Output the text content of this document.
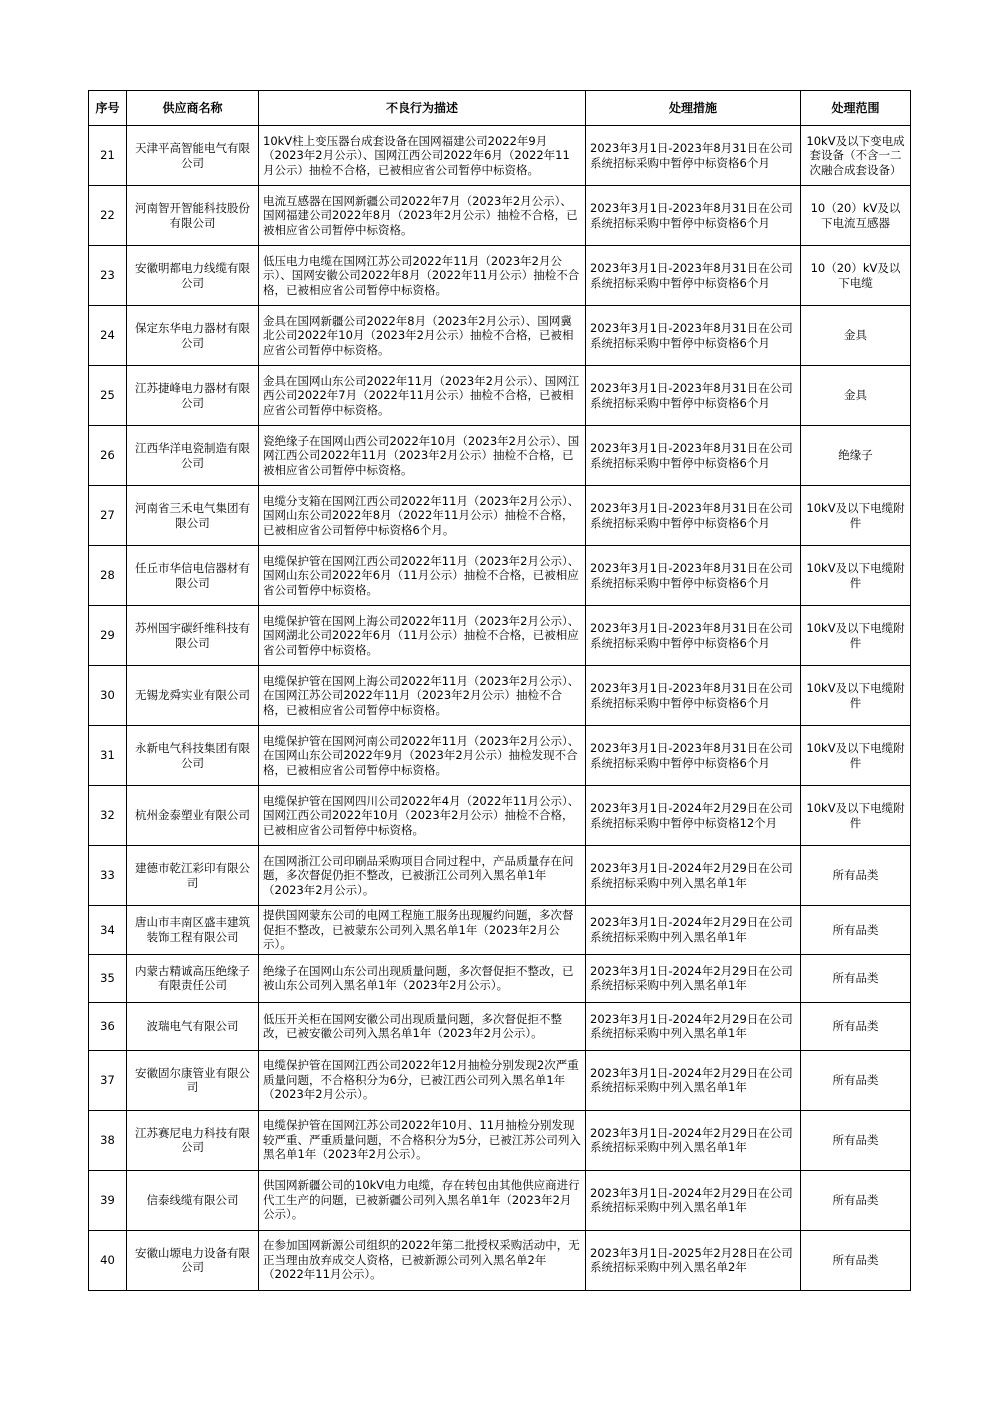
序号	供应商名称	不良行为描述	处理措施	处理范围
21	天津平高智能电气有限公司	10kV柱上变压器台成套设备在国网福建公司2022年9月（2023年2月公示）、国网江西公司2022年6月（2022年11月公示）抽检不合格，已被相应省公司暂停中标资格。	2023年3月1日-2023年8月31日在公司系统招标采购中暂停中标资格6个月	10kV及以下变电成套设备（不含一二次融合成套设备）
22	河南智开智能科技股份有限公司	电流互感器在国网新疆公司2022年7月（2023年2月公示）、国网福建公司2022年8月（2023年2月公示）抽检不合格，已被相应省公司暂停中标资格。	2023年3月1日-2023年8月31日在公司系统招标采购中暂停中标资格6个月	10（20）kV及以下电流互感器
23	安徽明都电力线缆有限公司	低压电力电缆在国网江苏公司2022年11月（2023年2月公示）、国网安徽公司2022年8月（2022年11月公示）抽检不合格，已被相应省公司暂停中标资格。	2023年3月1日-2023年8月31日在公司系统招标采购中暂停中标资格6个月	10（20）kV及以下电缆
24	保定东华电力器材有限公司	金具在国网新疆公司2022年8月（2023年2月公示）、国网冀北公司2022年10月（2023年2月公示）抽检不合格，已被相应省公司暂停中标资格。	2023年3月1日-2023年8月31日在公司系统招标采购中暂停中标资格6个月	金具
25	江苏捷峰电力器材有限公司	金具在国网山东公司2022年11月（2023年2月公示）、国网江西公司2022年7月（2022年11月公示）抽检不合格，已被相应省公司暂停中标资格。	2023年3月1日-2023年8月31日在公司系统招标采购中暂停中标资格6个月	金具
26	江西华洋电瓷制造有限公司	瓷绝缘子在国网山西公司2022年10月（2023年2月公示）、国网江西公司2022年11月（2023年2月公示）抽检不合格，已被相应省公司暂停中标资格。	2023年3月1日-2023年8月31日在公司系统招标采购中暂停中标资格6个月	绝缘子
27	河南省三禾电气集团有限公司	电缆分支箱在国网江西公司2022年11月（2023年2月公示）、国网山东公司2022年8月（2022年11月公示）抽检不合格，已被相应省公司暂停中标资格6个月。	2023年3月1日-2023年8月31日在公司系统招标采购中暂停中标资格6个月	10kV及以下电缆附件
28	任丘市华信电信器材有限公司	电缆保护管在国网江西公司2022年11月（2023年2月公示）、国网山东公司2022年6月（11月公示）抽检不合格，已被相应省公司暂停中标资格。	2023年3月1日-2023年8月31日在公司系统招标采购中暂停中标资格6个月	10kV及以下电缆附件
29	苏州国宇碳纤维科技有限公司	电缆保护管在国网上海公司2022年11月（2023年2月公示）、国网湖北公司2022年6月（11月公示）抽检不合格，已被相应省公司暂停中标资格。	2023年3月1日-2023年8月31日在公司系统招标采购中暂停中标资格6个月	10kV及以下电缆附件
30	无锡龙舜实业有限公司	电缆保护管在国网上海公司2022年11月（2023年2月公示）、在国网江苏公司2022年11月（2023年2月公示）抽检不合格，已被相应省公司暂停中标资格。	2023年3月1日-2023年8月31日在公司系统招标采购中暂停中标资格6个月	10kV及以下电缆附件
31	永新电气科技集团有限公司	电缆保护管在国网河南公司2022年11月（2023年2月公示）、在国网山东公司2022年9月（2023年2月公示）抽检发现不合格，已被相应省公司暂停中标资格。	2023年3月1日-2023年8月31日在公司系统招标采购中暂停中标资格6个月	10kV及以下电缆附件
32	杭州金泰塑业有限公司	电缆保护管在国网四川公司2022年4月（2022年11月公示）、国网江西公司2022年10月（2023年2月公示）抽检不合格，已被相应省公司暂停中标资格。	2023年3月1日-2024年2月29日在公司系统招标采购中暂停中标资格12个月	10kV及以下电缆附件
33	建德市乾江彩印有限公司	在国网浙江公司印刷品采购项目合同过程中，产品质量存在问题，多次督促仍拒不整改，已被浙江公司列入黑名单1年（2023年2月公示）。	2023年3月1日-2024年2月29日在公司系统招标采购中列入黑名单1年	所有品类
34	唐山市丰南区盛丰建筑装饰工程有限公司	提供国网蒙东公司的电网工程施工服务出现履约问题，多次督促拒不整改，已被蒙东公司列入黑名单1年（2023年2月公示）。	2023年3月1日-2024年2月29日在公司系统招标采购中列入黑名单1年	所有品类
35	内蒙古精诚高压绝缘子有限责任公司	绝缘子在国网山东公司出现质量问题，多次督促拒不整改，已被山东公司列入黑名单1年（2023年2月公示）。	2023年3月1日-2024年2月29日在公司系统招标采购中列入黑名单1年	所有品类
36	波瑞电气有限公司	低压开关柜在国网安徽公司出现质量问题，多次督促拒不整改，已被安徽公司列入黑名单1年（2023年2月公示）。	2023年3月1日-2024年2月29日在公司系统招标采购中列入黑名单1年	所有品类
37	安徽固尔康管业有限公司	电缆保护管在国网江西公司2022年12月抽检分别发现2次严重质量问题，不合格积分为6分，已被江西公司列入黑名单1年（2023年2月公示）。	2023年3月1日-2024年2月29日在公司系统招标采购中列入黑名单1年	所有品类
38	江苏赛尼电力科技有限公司	电缆保护管在国网江苏公司2022年10月、11月抽检分别发现较严重、严重质量问题，不合格积分为5分，已被江苏公司列入黑名单1年（2023年2月公示）。	2023年3月1日-2024年2月29日在公司系统招标采购中列入黑名单1年	所有品类
39	信泰线缆有限公司	供国网新疆公司的10kV电力电缆，存在转包由其他供应商进行代工生产的问题，已被新疆公司列入黑名单1年（2023年2月公示）。	2023年3月1日-2024年2月29日在公司系统招标采购中列入黑名单1年	所有品类
40	安徽山塬电力设备有限公司	在参加国网新源公司组织的2022年第二批授权采购活动中，无正当理由放弃成交人资格，已被新源公司列入黑名单2年（2022年11月公示）。	2023年3月1日-2025年2月28日在公司系统招标采购中列入黑名单2年	所有品类
